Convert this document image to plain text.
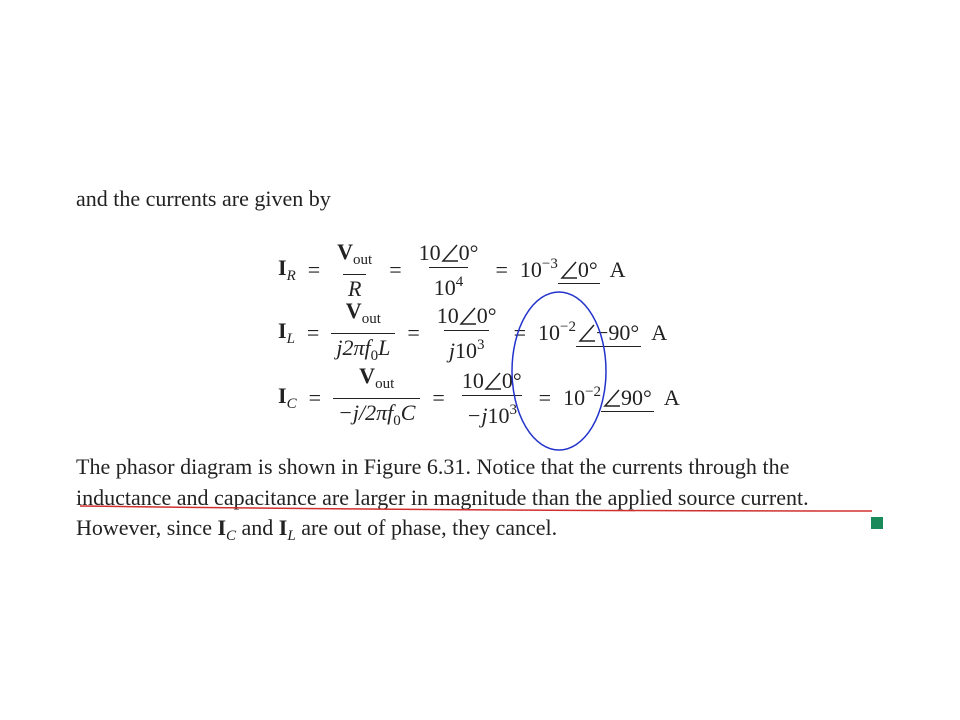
and the currents are given by
$I_R = \frac{V_{out}}{R} = \frac{10 0^\circ}{10^4} = 10^{-3}$ 0° A
$I_L = \frac{V_{out}}{j2\pi f_0L} = \frac{10 0^\circ}{j10^3} = 10^{-2} -90^\circ$ A
$I_C = \frac{V_{out}}{-j/2\pi f_0C} = \frac{10 0^\circ}{-j10^3} = 10^{-2}$ 90° A
The phasor diagram is shown in Figure 6.31. Notice that the currents through the
inductance and capacitance are larger in magnitude than the applied source current.
However, since $I_C$ and $I_L$ are out of phase, they cancel.
